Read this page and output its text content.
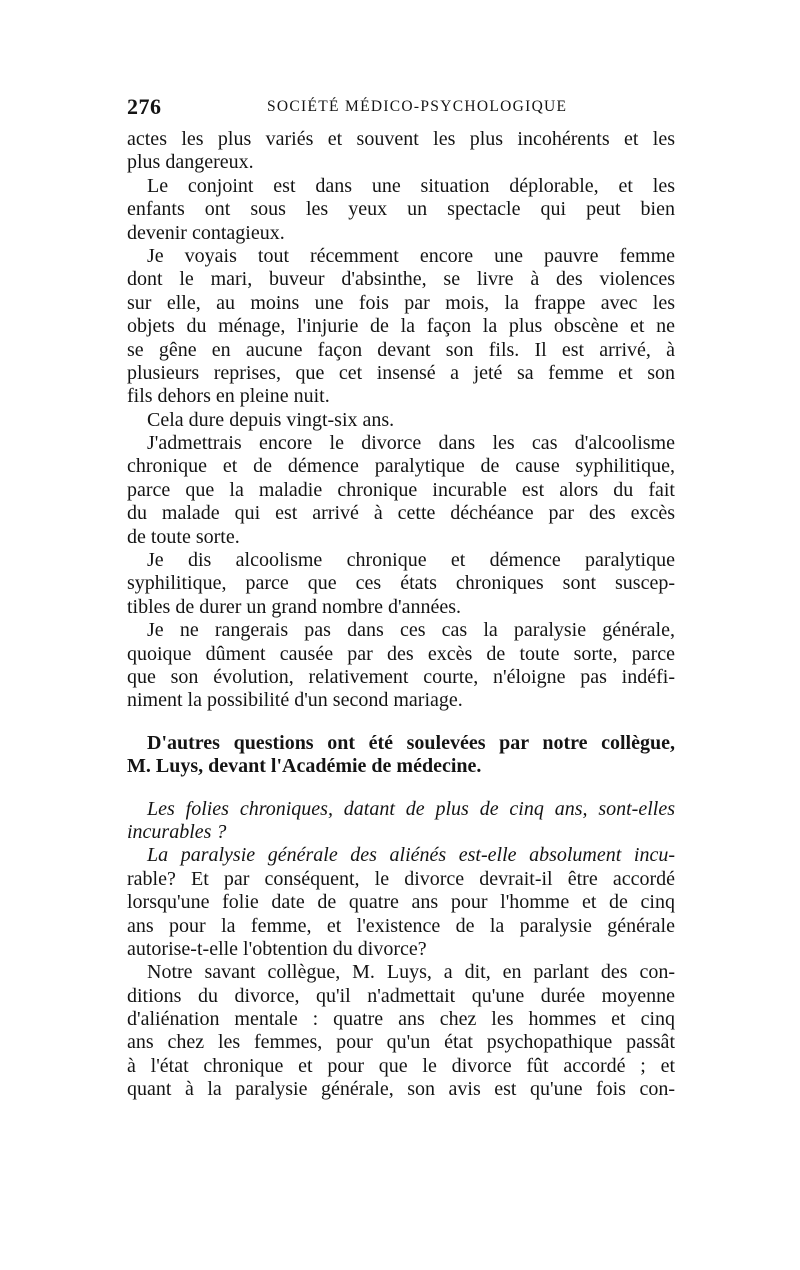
276	SOCIÉTÉ MÉDICO-PSYCHOLOGIQUE
actes les plus variés et souvent les plus incohérents et les
plus dangereux.
Le conjoint est dans une situation déplorable, et les
enfants ont sous les yeux un spectacle qui peut bien
devenir contagieux.
Je voyais tout récemment encore une pauvre femme
dont le mari, buveur d'absinthe, se livre à des violences
sur elle, au moins une fois par mois, la frappe avec les
objets du ménage, l'injurie de la façon la plus obscène et ne
se gêne en aucune façon devant son fils. Il est arrivé, à
plusieurs reprises, que cet insensé a jeté sa femme et son
fils dehors en pleine nuit.
Cela dure depuis vingt-six ans.
J'admettrais encore le divorce dans les cas d'alcoolisme
chronique et de démence paralytique de cause syphilitique,
parce que la maladie chronique incurable est alors du fait
du malade qui est arrivé à cette déchéance par des excès
de toute sorte.
Je dis alcoolisme chronique et démence paralytique
syphilitique, parce que ces états chroniques sont suscep-
tibles de durer un grand nombre d'années.
Je ne rangerais pas dans ces cas la paralysie générale,
quoique dûment causée par des excès de toute sorte, parce
que son évolution, relativement courte, n'éloigne pas indéfi-
niment la possibilité d'un second mariage.
D'autres questions ont été soulevées par notre collègue,
M. Luys, devant l'Académie de médecine.
Les folies chroniques, datant de plus de cinq ans, sont-elles
incurables ?
La paralysie générale des aliénés est-elle absolument incu-
rable? Et par conséquent, le divorce devrait-il être accordé
lorsqu'une folie date de quatre ans pour l'homme et de cinq
ans pour la femme, et l'existence de la paralysie générale
autorise-t-elle l'obtention du divorce?
Notre savant collègue, M. Luys, a dit, en parlant des con-
ditions du divorce, qu'il n'admettait qu'une durée moyenne
d'aliénation mentale : quatre ans chez les hommes et cinq
ans chez les femmes, pour qu'un état psychopathique passât
à l'état chronique et pour que le divorce fût accordé ; et
quant à la paralysie générale, son avis est qu'une fois con-
